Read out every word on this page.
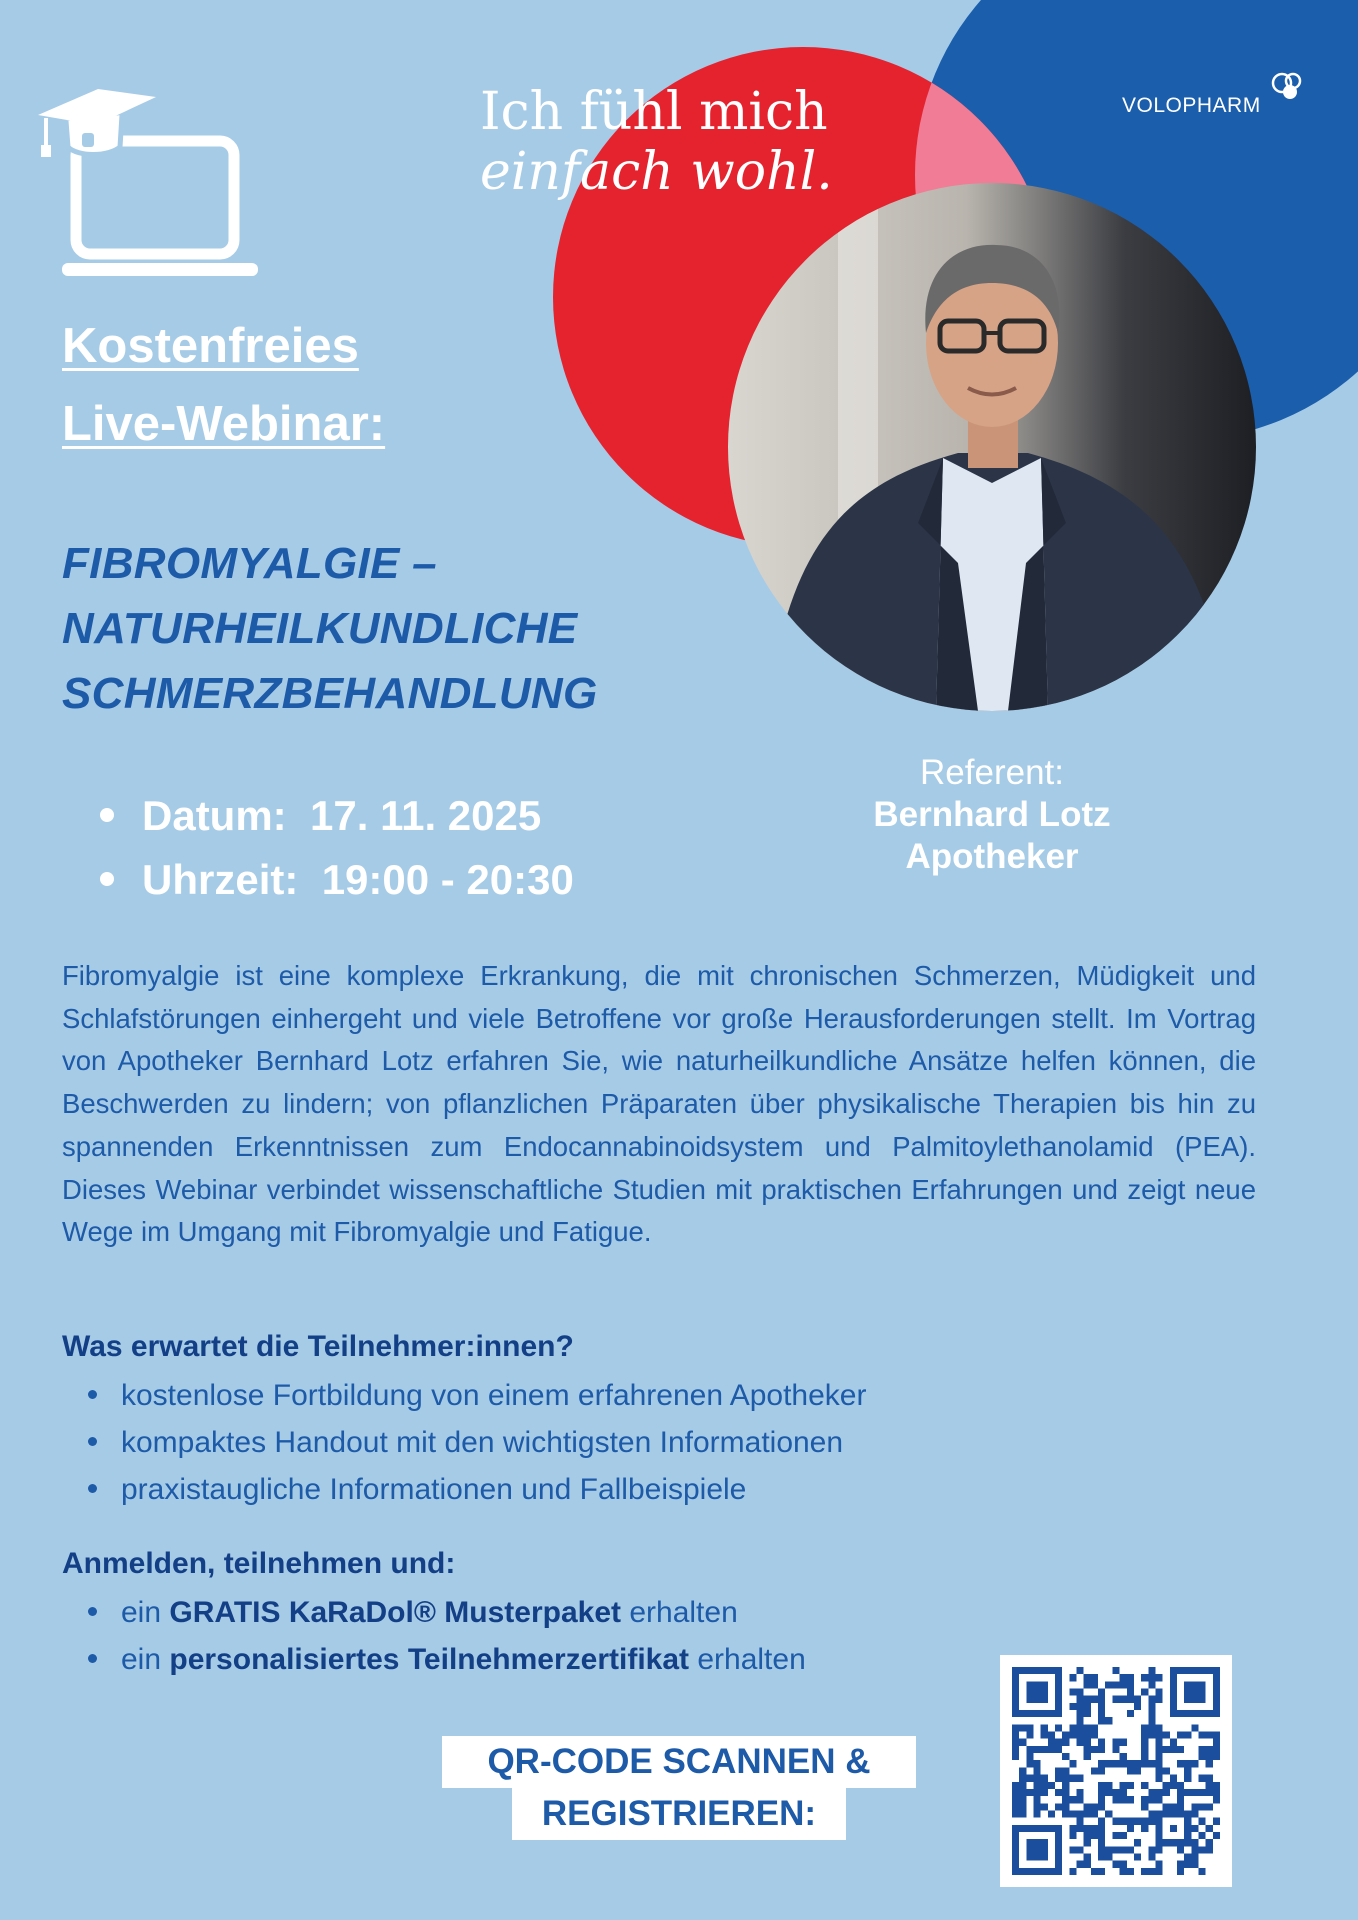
Ich fühl mich
einfach wohl.
VOLOPHARM
Kostenfreies
Live-Webinar:
FIBROMYALGIE –
NATURHEILKUNDLICHE
SCHMERZBEHANDLUNG
Datum: 17. 11. 2025
Uhrzeit: 19:00 - 20:30
Referent:
Bernhard Lotz
Apotheker
Fibromyalgie ist eine komplexe Erkrankung, die mit chronischen Schmerzen, Müdigkeit und Schlafstörungen einhergeht und viele Betroffene vor große Herausforderungen stellt. Im Vortrag von Apotheker Bernhard Lotz erfahren Sie, wie naturheilkundliche Ansätze helfen können, die Beschwerden zu lindern; von pflanzlichen Präparaten über physikalische Therapien bis hin zu spannenden Erkenntnissen zum Endocannabinoidsystem und Palmitoylethanolamid (PEA). Dieses Webinar verbindet wissenschaftliche Studien mit praktischen Erfahrungen und zeigt neue Wege im Umgang mit Fibromyalgie und Fatigue.
Was erwartet die Teilnehmer:innen?
kostenlose Fortbildung von einem erfahrenen Apotheker
kompaktes Handout mit den wichtigsten Informationen
praxistaugliche Informationen und Fallbeispiele
Anmelden, teilnehmen und:
ein GRATIS KaRaDol® Musterpaket erhalten
ein personalisiertes Teilnehmerzertifikat erhalten
QR-CODE SCANNEN &
REGISTRIEREN:
